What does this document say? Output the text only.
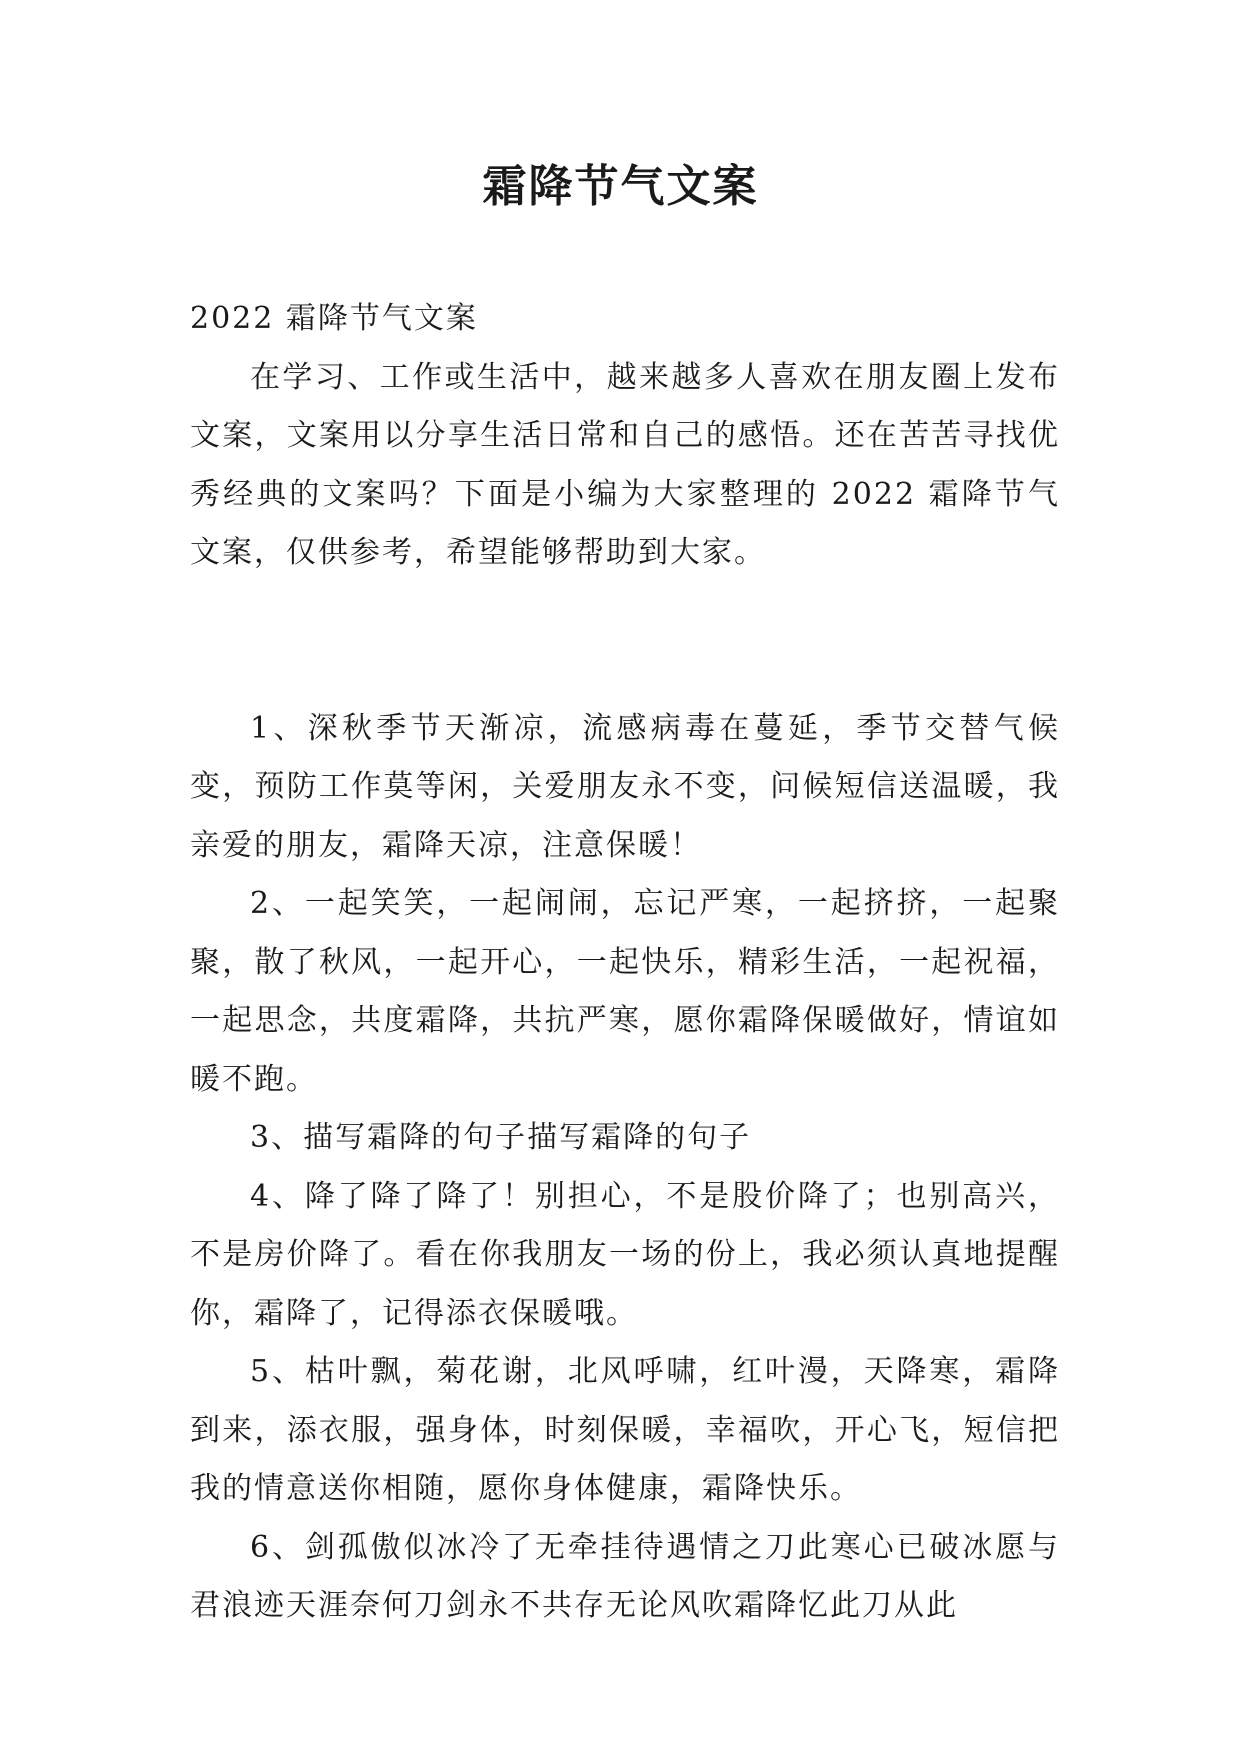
霜降节气文案

2022 霜降节气文案

在学习、工作或生活中，越来越多人喜欢在朋友圈上发布文案，文案用以分享生活日常和自己的感悟。还在苦苦寻找优秀经典的文案吗？下面是小编为大家整理的 2022 霜降节气文案，仅供参考，希望能够帮助到大家。

1、深秋季节天渐凉，流感病毒在蔓延，季节交替气候变，预防工作莫等闲，关爱朋友永不变，问候短信送温暖，我亲爱的朋友，霜降天凉，注意保暖！

2、一起笑笑，一起闹闹，忘记严寒，一起挤挤，一起聚聚，散了秋风，一起开心，一起快乐，精彩生活，一起祝福，一起思念，共度霜降，共抗严寒，愿你霜降保暖做好，情谊如暖不跑。

3、描写霜降的句子描写霜降的句子

4、降了降了降了！别担心，不是股价降了；也别高兴，不是房价降了。看在你我朋友一场的份上，我必须认真地提醒你，霜降了，记得添衣保暖哦。

5、枯叶飘，菊花谢，北风呼啸，红叶漫，天降寒，霜降到来，添衣服，强身体，时刻保暖，幸福吹，开心飞，短信把我的情意送你相随，愿你身体健康，霜降快乐。

6、剑孤傲似冰冷了无牵挂待遇情之刀此寒心已破冰愿与君浪迹天涯奈何刀剑永不共存无论风吹霜降忆此刀从此
